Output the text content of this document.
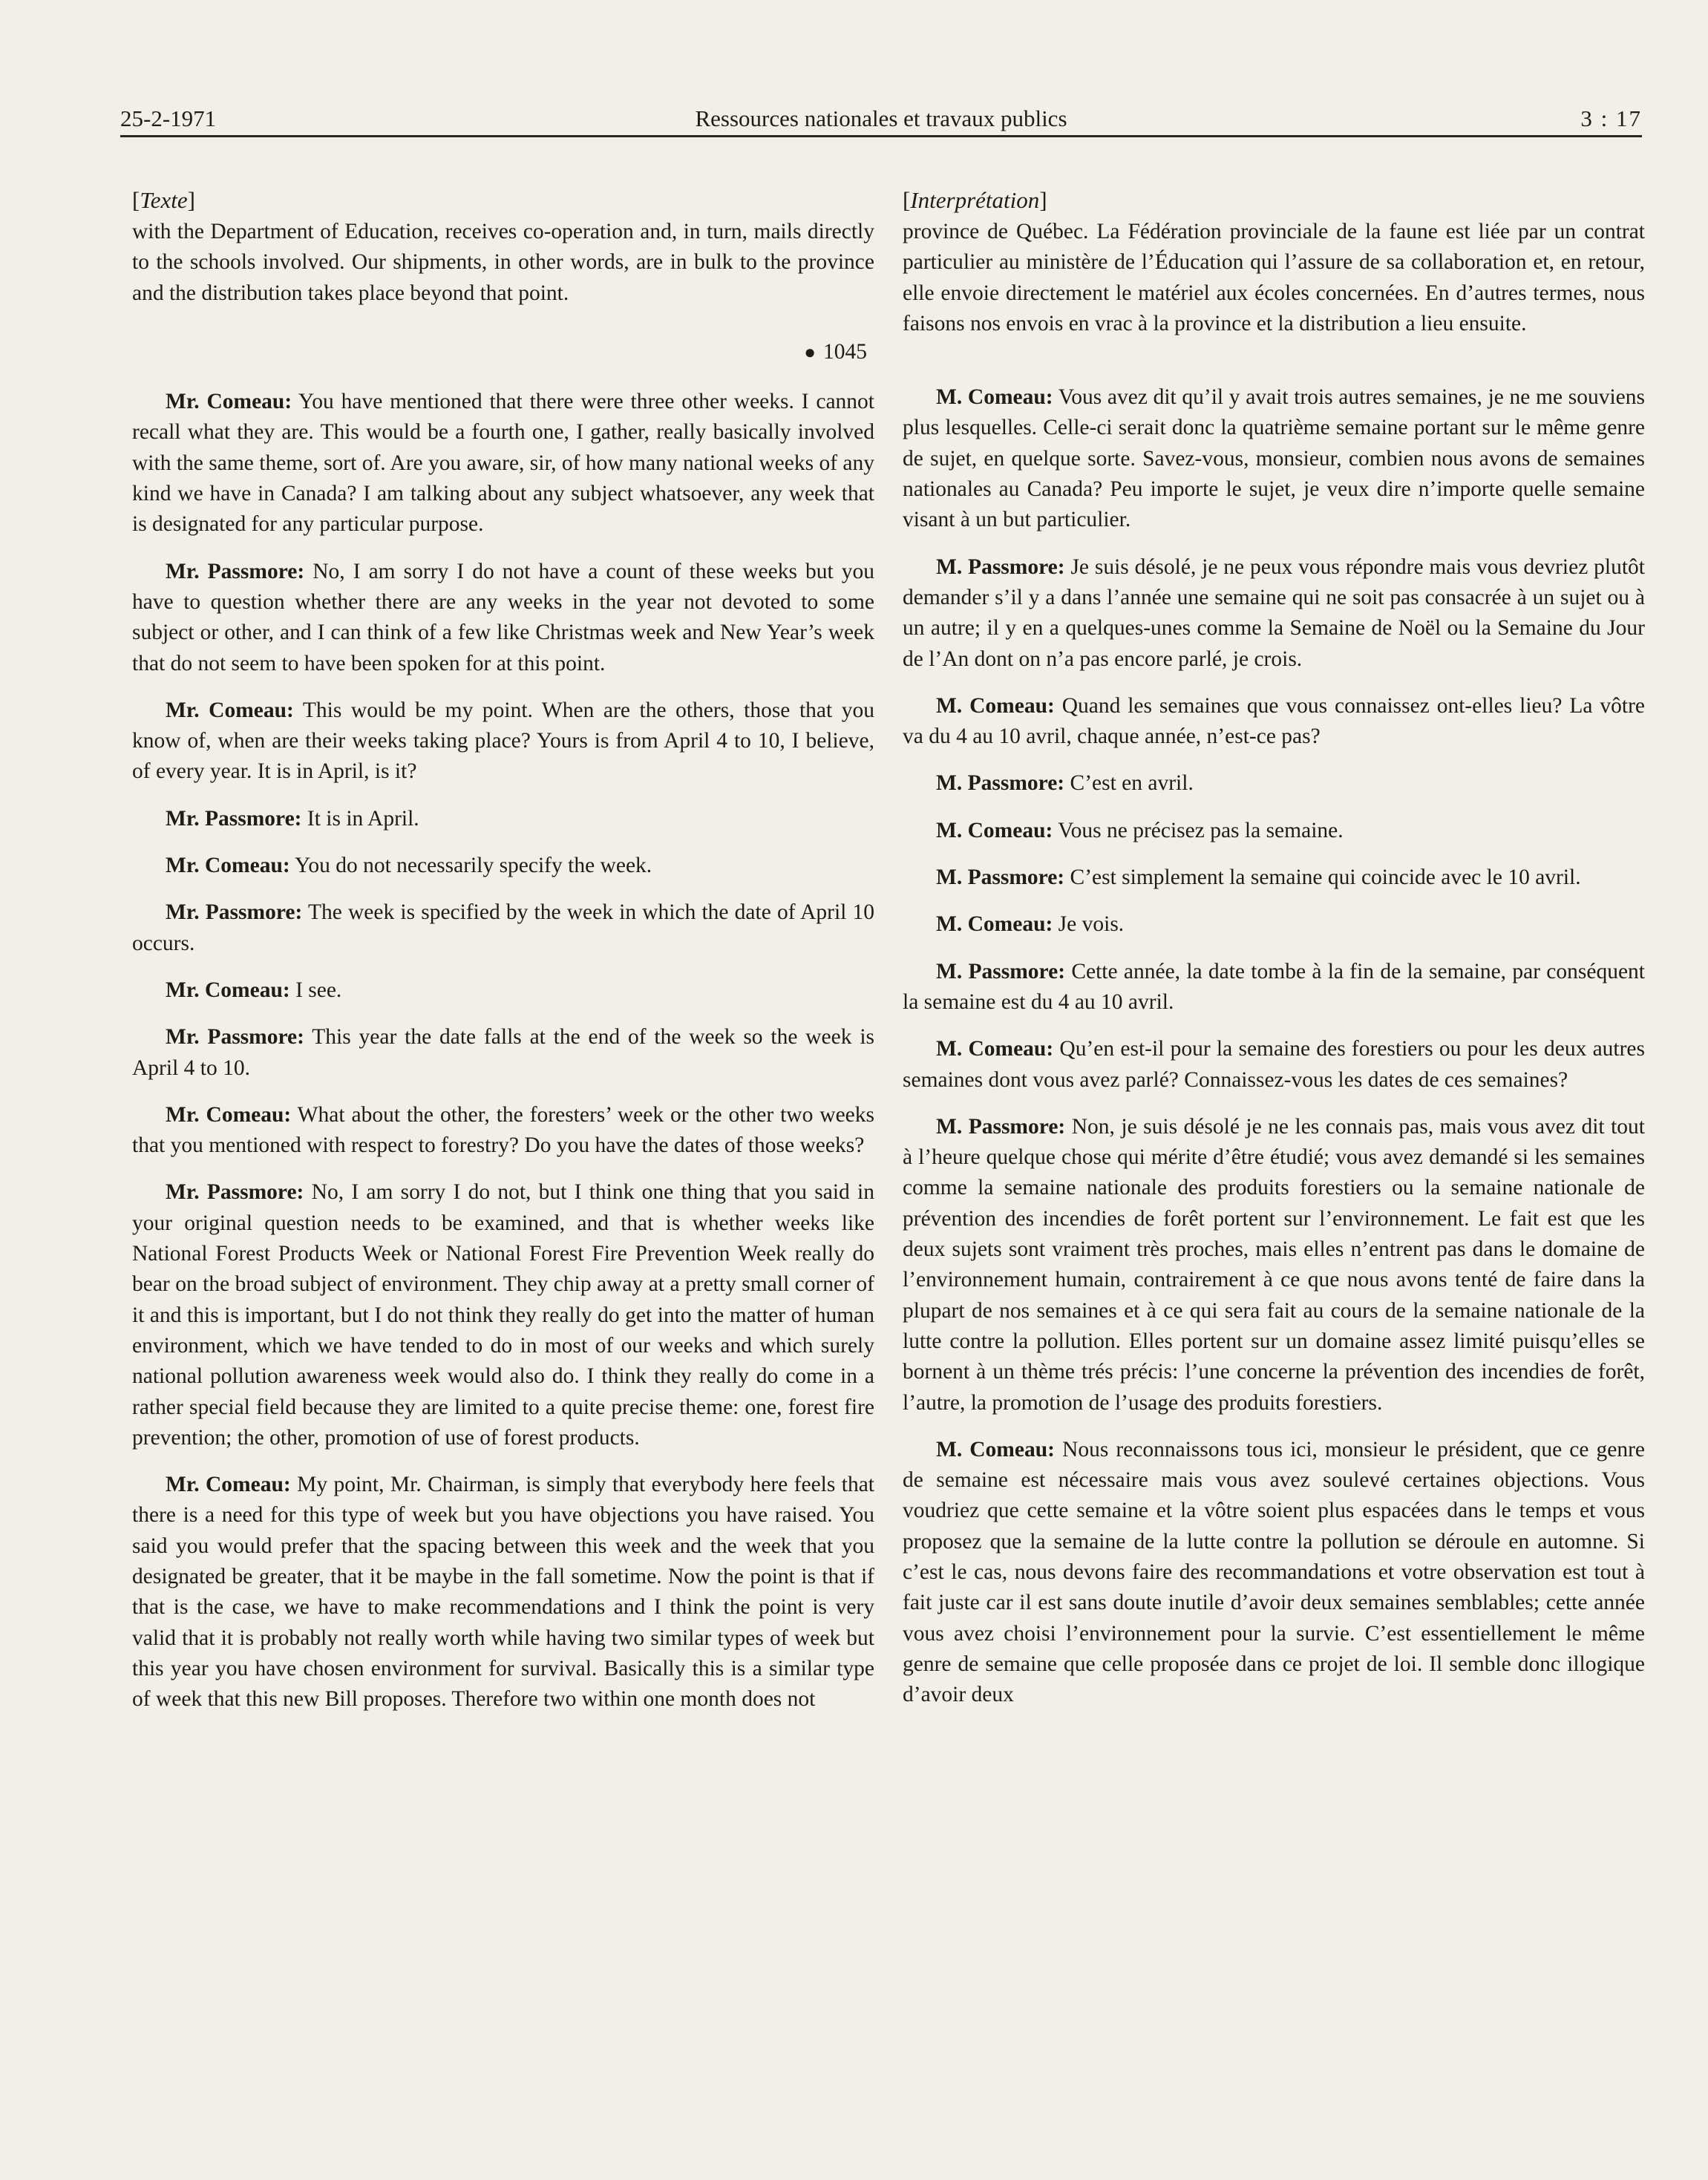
25-2-1971	Ressources nationales et travaux publics	3 : 17
[Texte]

with the Department of Education, receives co-operation and, in turn, mails directly to the schools involved. Our shipments, in other words, are in bulk to the province and the distribution takes place beyond that point.

● 1045

Mr. Comeau: You have mentioned that there were three other weeks. I cannot recall what they are. This would be a fourth one, I gather, really basically involved with the same theme, sort of. Are you aware, sir, of how many national weeks of any kind we have in Canada? I am talking about any subject whatsoever, any week that is designated for any particular purpose.

Mr. Passmore: No, I am sorry I do not have a count of these weeks but you have to question whether there are any weeks in the year not devoted to some subject or other, and I can think of a few like Christmas week and New Year’s week that do not seem to have been spoken for at this point.

Mr. Comeau: This would be my point. When are the others, those that you know of, when are their weeks taking place? Yours is from April 4 to 10, I believe, of every year. It is in April, is it?

Mr. Passmore: It is in April.

Mr. Comeau: You do not necessarily specify the week.

Mr. Passmore: The week is specified by the week in which the date of April 10 occurs.

Mr. Comeau: I see.

Mr. Passmore: This year the date falls at the end of the week so the week is April 4 to 10.

Mr. Comeau: What about the other, the foresters’ week or the other two weeks that you mentioned with respect to forestry? Do you have the dates of those weeks?

Mr. Passmore: No, I am sorry I do not, but I think one thing that you said in your original question needs to be examined, and that is whether weeks like National Forest Products Week or National Forest Fire Prevention Week really do bear on the broad subject of environment. They chip away at a pretty small corner of it and this is important, but I do not think they really do get into the matter of human environment, which we have tended to do in most of our weeks and which surely national pollution awareness week would also do. I think they really do come in a rather special field because they are limited to a quite precise theme: one, forest fire prevention; the other, promotion of use of forest products.

Mr. Comeau: My point, Mr. Chairman, is simply that everybody here feels that there is a need for this type of week but you have objections you have raised. You said you would prefer that the spacing between this week and the week that you designated be greater, that it be maybe in the fall sometime. Now the point is that if that is the case, we have to make recommendations and I think the point is very valid that it is probably not really worth while having two similar types of week but this year you have chosen environment for survival. Basically this is a similar type of week that this new Bill proposes. Therefore two within one month does not

[Interprétation]

province de Québec. La Fédération provinciale de la faune est liée par un contrat particulier au ministère de l’Éducation qui l’assure de sa collaboration et, en retour, elle envoie directement le matériel aux écoles concernées. En d’autres termes, nous faisons nos envois en vrac à la province et la distribution a lieu ensuite.

M. Comeau: Vous avez dit qu’il y avait trois autres semaines, je ne me souviens plus lesquelles. Celle-ci serait donc la quatrième semaine portant sur le même genre de sujet, en quelque sorte. Savez-vous, monsieur, combien nous avons de semaines nationales au Canada? Peu importe le sujet, je veux dire n’importe quelle semaine visant à un but particulier.

M. Passmore: Je suis désolé, je ne peux vous répondre mais vous devriez plutôt demander s’il y a dans l’année une semaine qui ne soit pas consacrée à un sujet ou à un autre; il y en a quelques-unes comme la Semaine de Noël ou la Semaine du Jour de l’An dont on n’a pas encore parlé, je crois.

M. Comeau: Quand les semaines que vous connaissez ont-elles lieu? La vôtre va du 4 au 10 avril, chaque année, n’est-ce pas?

M. Passmore: C’est en avril.

M. Comeau: Vous ne précisez pas la semaine.

M. Passmore: C’est simplement la semaine qui coincide avec le 10 avril.

M. Comeau: Je vois.

M. Passmore: Cette année, la date tombe à la fin de la semaine, par conséquent la semaine est du 4 au 10 avril.

M. Comeau: Qu’en est-il pour la semaine des forestiers ou pour les deux autres semaines dont vous avez parlé? Connaissez-vous les dates de ces semaines?

M. Passmore: Non, je suis désolé je ne les connais pas, mais vous avez dit tout à l’heure quelque chose qui mérite d’être étudié; vous avez demandé si les semaines comme la semaine nationale des produits forestiers ou la semaine nationale de prévention des incendies de forêt portent sur l’environnement. Le fait est que les deux sujets sont vraiment très proches, mais elles n’entrent pas dans le domaine de l’environnement humain, contrairement à ce que nous avons tenté de faire dans la plupart de nos semaines et à ce qui sera fait au cours de la semaine nationale de la lutte contre la pollution. Elles portent sur un domaine assez limité puisqu’elles se bornent à un thème trés précis: l’une concerne la prévention des incendies de forêt, l’autre, la promotion de l’usage des produits forestiers.

M. Comeau: Nous reconnaissons tous ici, monsieur le président, que ce genre de semaine est nécessaire mais vous avez soulevé certaines objections. Vous voudriez que cette semaine et la vôtre soient plus espacées dans le temps et vous proposez que la semaine de la lutte contre la pollution se déroule en automne. Si c’est le cas, nous devons faire des recommandations et votre observation est tout à fait juste car il est sans doute inutile d’avoir deux semaines semblables; cette année vous avez choisi l’environnement pour la survie. C’est essentiellement le même genre de semaine que celle proposée dans ce projet de loi. Il semble donc illogique d’avoir deux
